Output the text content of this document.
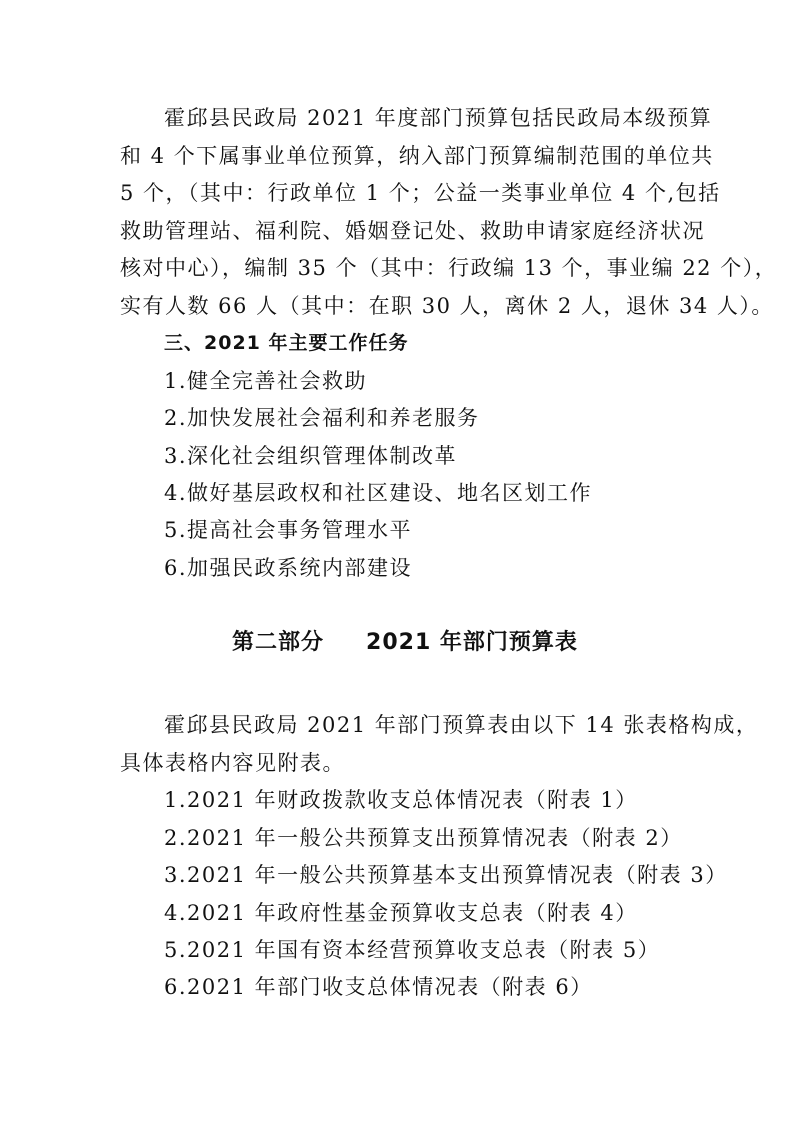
霍邱县民政局 2021 年度部门预算包括民政局本级预算
和 4 个下属事业单位预算，纳入部门预算编制范围的单位共
5 个，（其中：行政单位 1 个；公益一类事业单位 4 个,包括
救助管理站、福利院、婚姻登记处、救助申请家庭经济状况
核对中心），编制 35 个（其中：行政编 13 个，事业编 22 个），
实有人数 66 人（其中：在职 30 人，离休 2 人，退休 34 人）。
三、2021 年主要工作任务
1.健全完善社会救助
2.加快发展社会福利和养老服务
3.深化社会组织管理体制改革
4.做好基层政权和社区建设、地名区划工作
5.提高社会事务管理水平
6.加强民政系统内部建设
第二部分 2021 年部门预算表
霍邱县民政局 2021 年部门预算表由以下 14 张表格构成，
具体表格内容见附表。
1.2021 年财政拨款收支总体情况表（附表 1）
2.2021 年一般公共预算支出预算情况表（附表 2）
3.2021 年一般公共预算基本支出预算情况表（附表 3）
4.2021 年政府性基金预算收支总表（附表 4）
5.2021 年国有资本经营预算收支总表（附表 5）
6.2021 年部门收支总体情况表（附表 6）
